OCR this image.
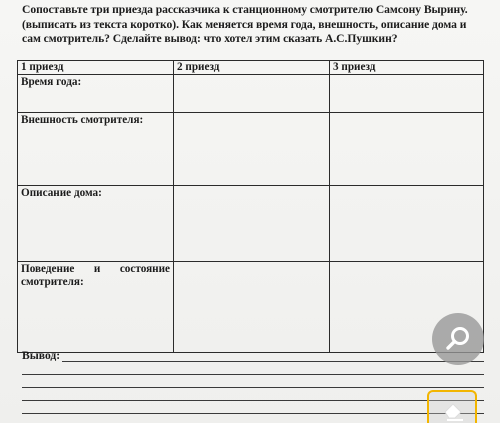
Сопоставьте три приезда рассказчика к станционному смотрителю Самсону Вырину.
(выписать из текста коротко). Как меняется время года, внешность, описание дома и
сам смотритель? Сделайте вывод: что хотел этим сказать А.С.Пушкин?
1 приезд	2 приезд	3 приезд
Время года:		
Внешность смотрителя:		
Описание дома:		

Поведение и состояние
смотрителя:		

Вывод:
